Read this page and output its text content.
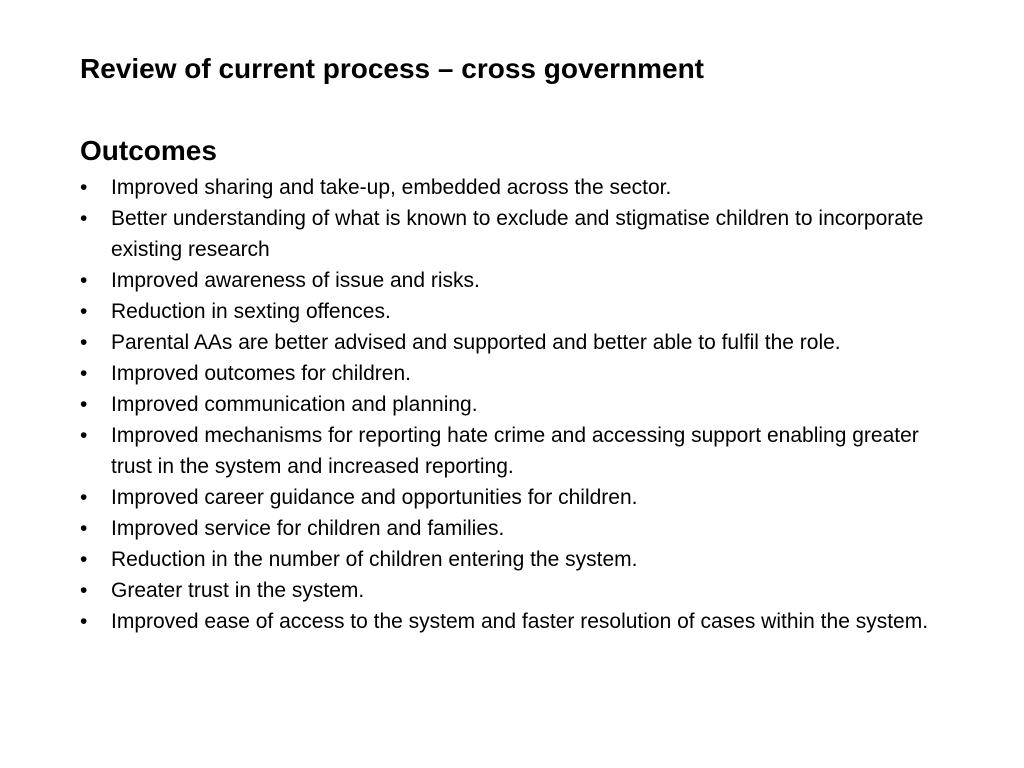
Review of current process – cross government
Outcomes
•	Improved sharing and take-up, embedded across the sector.
•	Better understanding of what is known to exclude and stigmatise children to incorporate existing research
•	Improved awareness of issue and risks.
•	Reduction in sexting offences.
•	Parental AAs are better advised and supported and better able to fulfil the role.
•	Improved outcomes for children.
•	Improved communication and planning.
•	Improved mechanisms for reporting hate crime and accessing support enabling greater trust in the system and increased reporting.
•	Improved career guidance and opportunities for children.
•	Improved service for children and families.
•	Reduction in the number of children entering the system.
•	Greater trust in the system.
•	Improved ease of access to the system and faster resolution of cases within the system.
